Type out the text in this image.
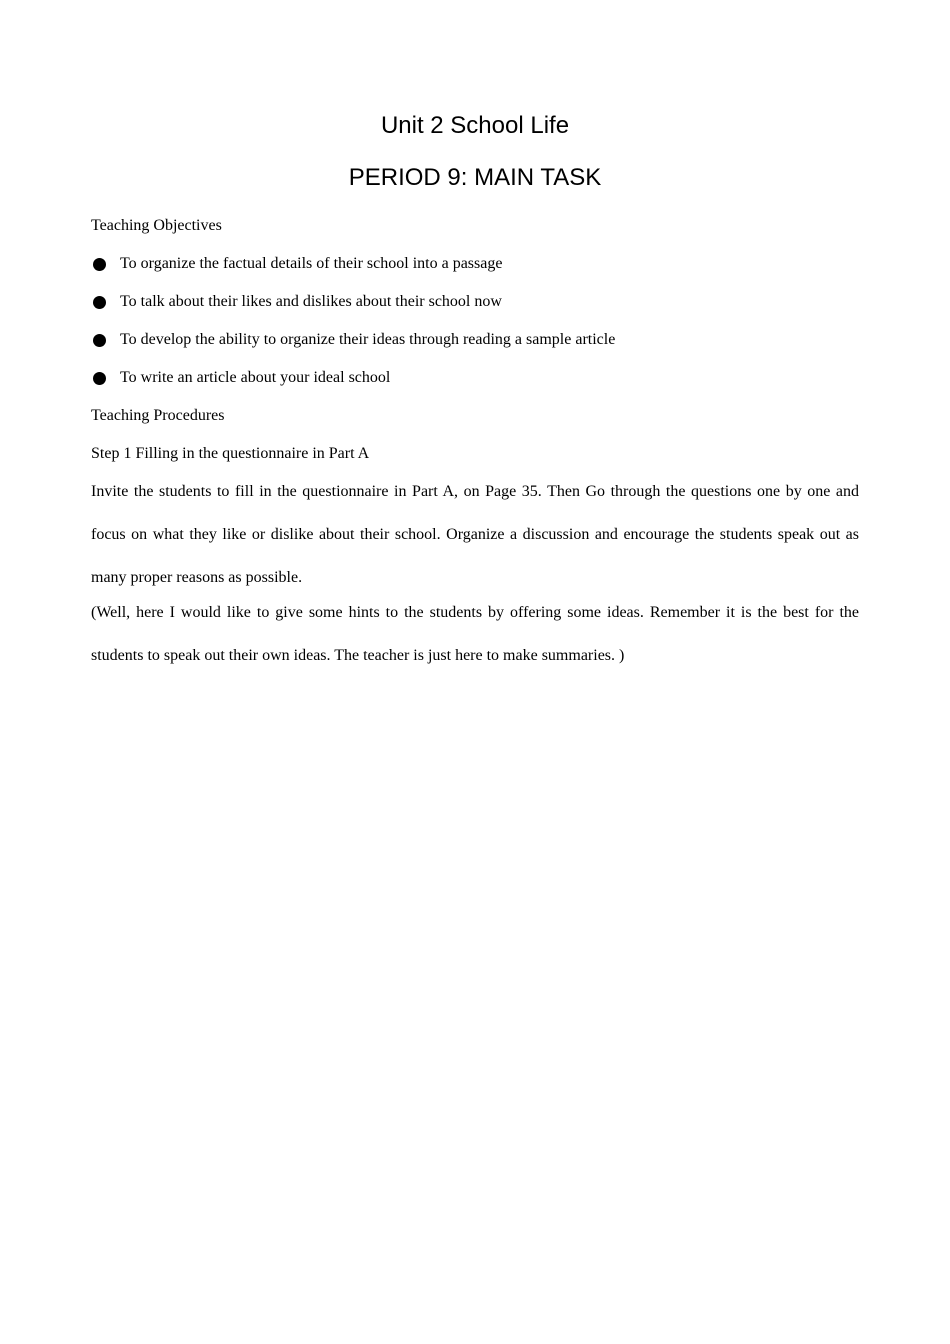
Unit 2 School Life
PERIOD 9: MAIN TASK

Teaching Objectives

To organize the factual details of their school into a passage
To talk about their likes and dislikes about their school now
To develop the ability to organize their ideas through reading a sample article
To write an article about your ideal school

Teaching Procedures

Step 1 Filling in the questionnaire in Part A

Invite the students to fill in the questionnaire in Part A, on Page 35. Then Go through the questions one by one and focus on what they like or dislike about their school. Organize a discussion and encourage the students speak out as many proper reasons as possible.

(Well, here I would like to give some hints to the students by offering some ideas. Remember it is the best for the students to speak out their own ideas. The teacher is just here to make summaries. )
